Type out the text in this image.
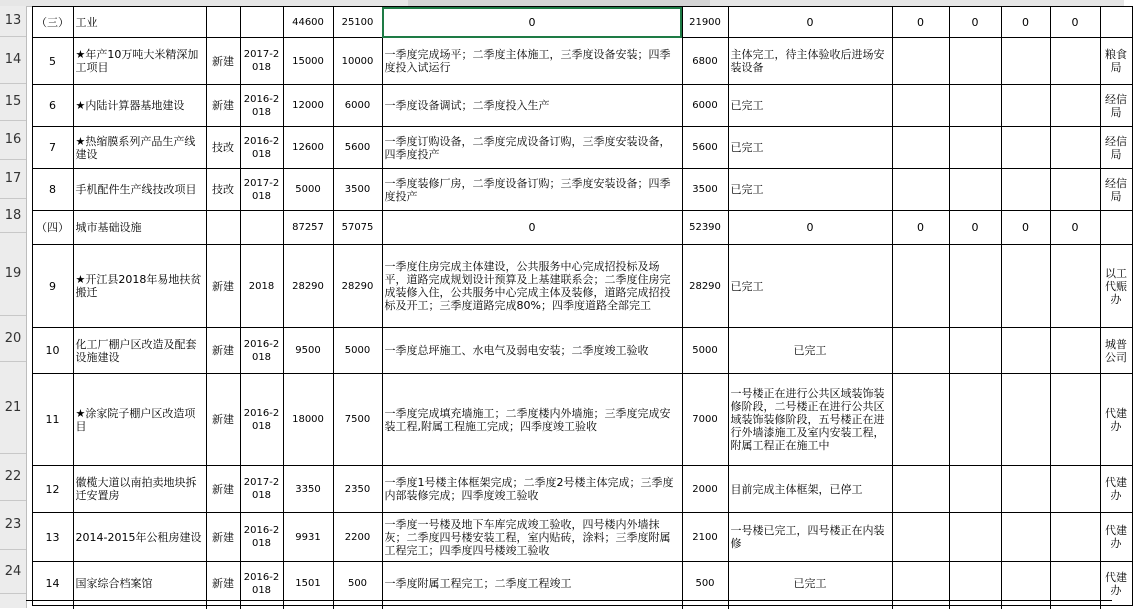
13
14
15
16
17
18
19
20
21
22
23
24
	（三）	工业			44600	25100	0	21900	0	0	0	0	0		
	5	★年产10万吨大米精深加工项目	新建	2017-2018	15000	10000	一季度完成场平；二季度主体施工，三季度设备安装；四季度投入试运行	6800	主体完工，待主体验收后进场安装设备					粮食局	
	6	★内陆计算器基地建设	新建	2016-2018	12000	6000	一季度设备调试；二季度投入生产	6000	已完工					经信局	
	7	★热缩膜系列产品生产线建设	技改	2016-2018	12600	5600	一季度订购设备，二季度完成设备订购，三季度安装设备，四季度投产	5600	已完工					经信局	
	8	手机配件生产线技改项目	技改	2017-2018	5000	3500	一季度装修厂房，二季度设备订购；三季度安装设备；四季度投产	3500	已完工					经信局	
	（四）	城市基础设施			87257	57075	0	52390	0	0	0	0	0		
	9	★开江县2018年易地扶贫搬迁	新建	2018	28290	28290	一季度住房完成主体建设，公共服务中心完成招投标及场平，道路完成规划设计预算及上基建联系会；二季度住房完成装修入住，公共服务中心完成主体及装修，道路完成招投标及开工；三季度道路完成80%；四季度道路全部完工	28290	已完工					以工代赈办	
	10	化工厂棚户区改造及配套设施建设	新建	2016-2018	9500	5000	一季度总坪施工、水电气及弱电安装；二季度竣工验收	5000	已完工					城普公司	
	11	★涂家院子棚户区改造项目	新建	2016-2018	18000	7500	一季度完成填充墙施工；二季度楼内外墙施；三季度完成安装工程,附属工程施工完成；四季度竣工验收	7000	一号楼正在进行公共区域装饰装修阶段，二号楼正在进行公共区域装饰装修阶段，五号楼正在进行外墙漆施工及室内安装工程，附属工程正在施工中					代建办	
	12	徽榄大道以南拍卖地块拆迁安置房	新建	2017-2018	3350	2350	一季度1号楼主体框架完成；二季度2号楼主体完成；三季度内部装修完成；四季度竣工验收	2000	目前完成主体框架，已停工					代建办	
	13	2014-2015年公租房建设	新建	2016-2018	9931	2200	一季度一号楼及地下车库完成竣工验收，四号楼内外墙抹灰；二季度四号楼安装工程，室内贴砖，涂料；三季度附属工程完工；四季度四号楼竣工验收	2100	一号楼已完工，四号楼正在内装修					代建办	
	14	国家综合档案馆	新建	2016-2018	1501	500	一季度附属工程完工；二季度工程竣工	500	已完工					代建办	
